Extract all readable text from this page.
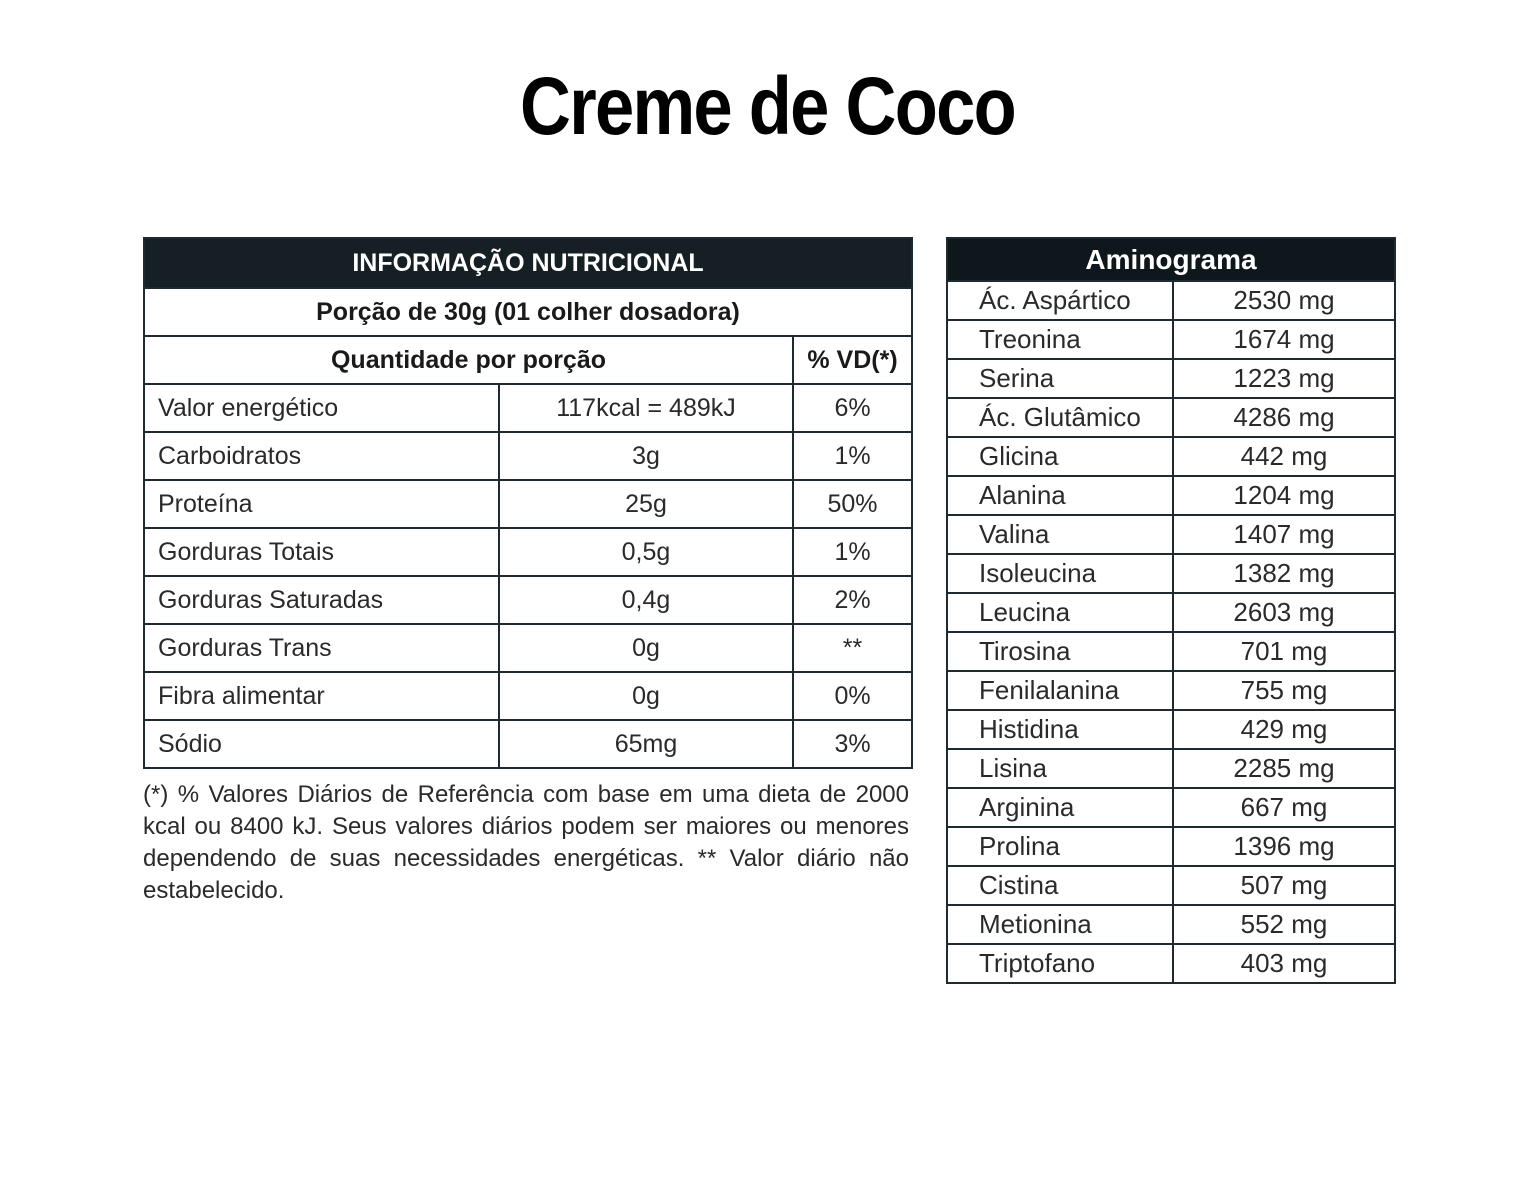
Creme de Coco
INFORMAÇÃO NUTRICIONAL		
Porção de 30g (01 colher dosadora)		
Quantidade por porção		% VD(*)
Valor energético	117kcal = 489kJ	6%
Carboidratos	3g	1%
Proteína	25g	50%
Gorduras Totais	0,5g	1%
Gorduras Saturadas	0,4g	2%
Gorduras Trans	0g	**
Fibra alimentar	0g	0%
Sódio	65mg	3%
(*) % Valores Diários de Referência com base em uma dieta de 2000 kcal ou 8400 kJ. Seus valores diários podem ser maiores ou menores dependendo de suas necessidades energéticas. ** Valor diário não estabelecido.
Aminograma	
Ác. Aspártico	2530 mg
Treonina	1674 mg
Serina	1223 mg
Ác. Glutâmico	4286 mg
Glicina	442 mg
Alanina	1204 mg
Valina	1407 mg
Isoleucina	1382 mg
Leucina	2603 mg
Tirosina	701 mg
Fenilalanina	755 mg
Histidina	429 mg
Lisina	2285 mg
Arginina	667 mg
Prolina	1396 mg
Cistina	507 mg
Metionina	552 mg
Triptofano	403 mg
